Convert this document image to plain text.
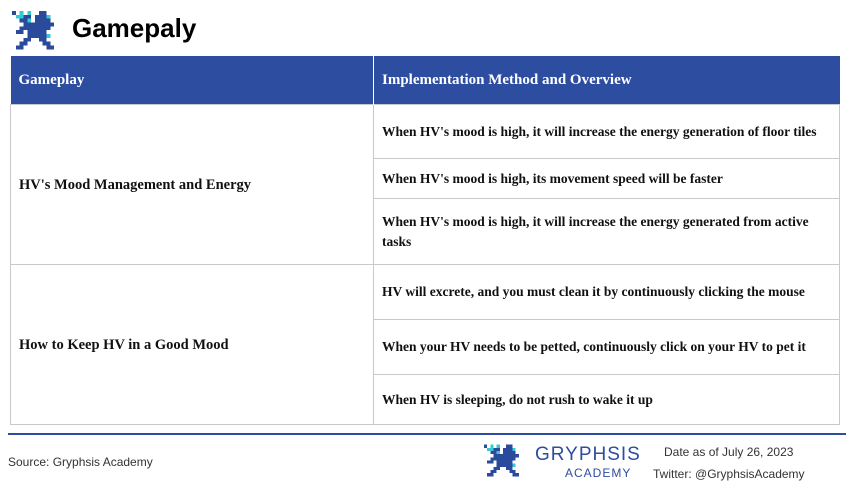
Gamepaly
Gameplay	Implementation Method and Overview
HV's Mood Management and Energy	When HV's mood is high, it will increase the energy generation of floor tiles
	When HV's mood is high, its movement speed will be faster
	When HV's mood is high, it will increase the energy generated from active tasks
How to Keep HV in a Good Mood	HV will excrete, and you must clean it by continuously clicking the mouse
	When your HV needs to be petted, continuously click on your HV to pet it
	When HV is sleeping, do not rush to wake it up
Source: Gryphsis Academy	GRYPHSIS
ACADEMY
Date as of July 26, 2023
Twitter: @GryphsisAcademy
